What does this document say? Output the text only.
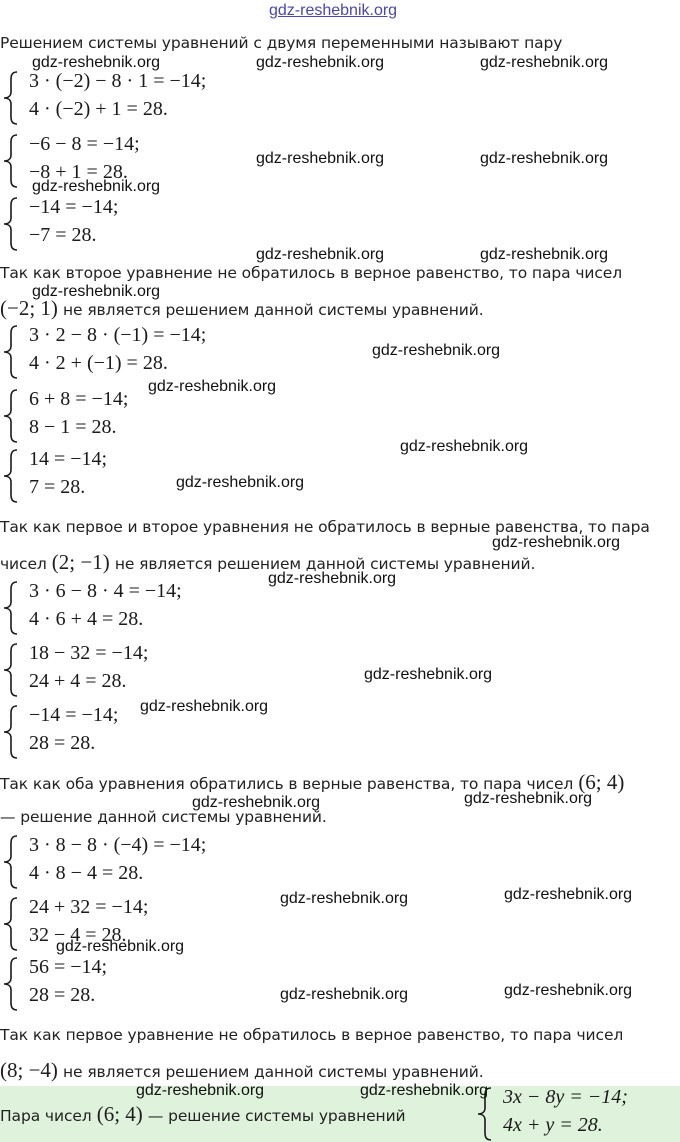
gdz-reshebnik.org
Решением системы уравнений с двумя переменными называют пару
3 · (−2) − 8 · 1 = −14;
4 · (−2) + 1 = 28.
−6 − 8 = −14;
−8 + 1 = 28.
−14 = −14;
−7 = 28.
Так как второе уравнение не обратилось в верное равенство, то пара чисел
(−2; 1) не является решением данной системы уравнений.
3 · 2 − 8 · (−1) = −14;
4 · 2 + (−1) = 28.
6 + 8 = −14;
8 − 1 = 28.
14 = −14;
7 = 28.
Так как первое и второе уравнения не обратилось в верные равенства, то пара
чисел (2; −1) не является решением данной системы уравнений.
3 · 6 − 8 · 4 = −14;
4 · 6 + 4 = 28.
18 − 32 = −14;
24 + 4 = 28.
−14 = −14;
28 = 28.
Так как оба уравнения обратились в верные равенства, то пара чисел (6; 4)
— решение данной системы уравнений.
3 · 8 − 8 · (−4) = −14;
4 · 8 − 4 = 28.
24 + 32 = −14;
32 − 4 = 28.
56 = −14;
28 = 28.
Так как первое уравнение не обратилось в верное равенство, то пара чисел
(8; −4) не является решением данной системы уравнений.
Пара чисел (6; 4) — решение системы уравнений
3x − 8y = −14;
4x + y = 28.
gdz-reshebnik.org	gdz-reshebnik.org	gdz-reshebnik.org
gdz-reshebnik.org	gdz-reshebnik.org
gdz-reshebnik.org
gdz-reshebnik.org	gdz-reshebnik.org
gdz-reshebnik.org
gdz-reshebnik.org
gdz-reshebnik.org
gdz-reshebnik.org
gdz-reshebnik.org
gdz-reshebnik.org
gdz-reshebnik.org
gdz-reshebnik.org
gdz-reshebnik.org
gdz-reshebnik.org	gdz-reshebnik.org
gdz-reshebnik.org	gdz-reshebnik.org
gdz-reshebnik.org
gdz-reshebnik.org	gdz-reshebnik.org
gdz-reshebnik.org	gdz-reshebnik.org
